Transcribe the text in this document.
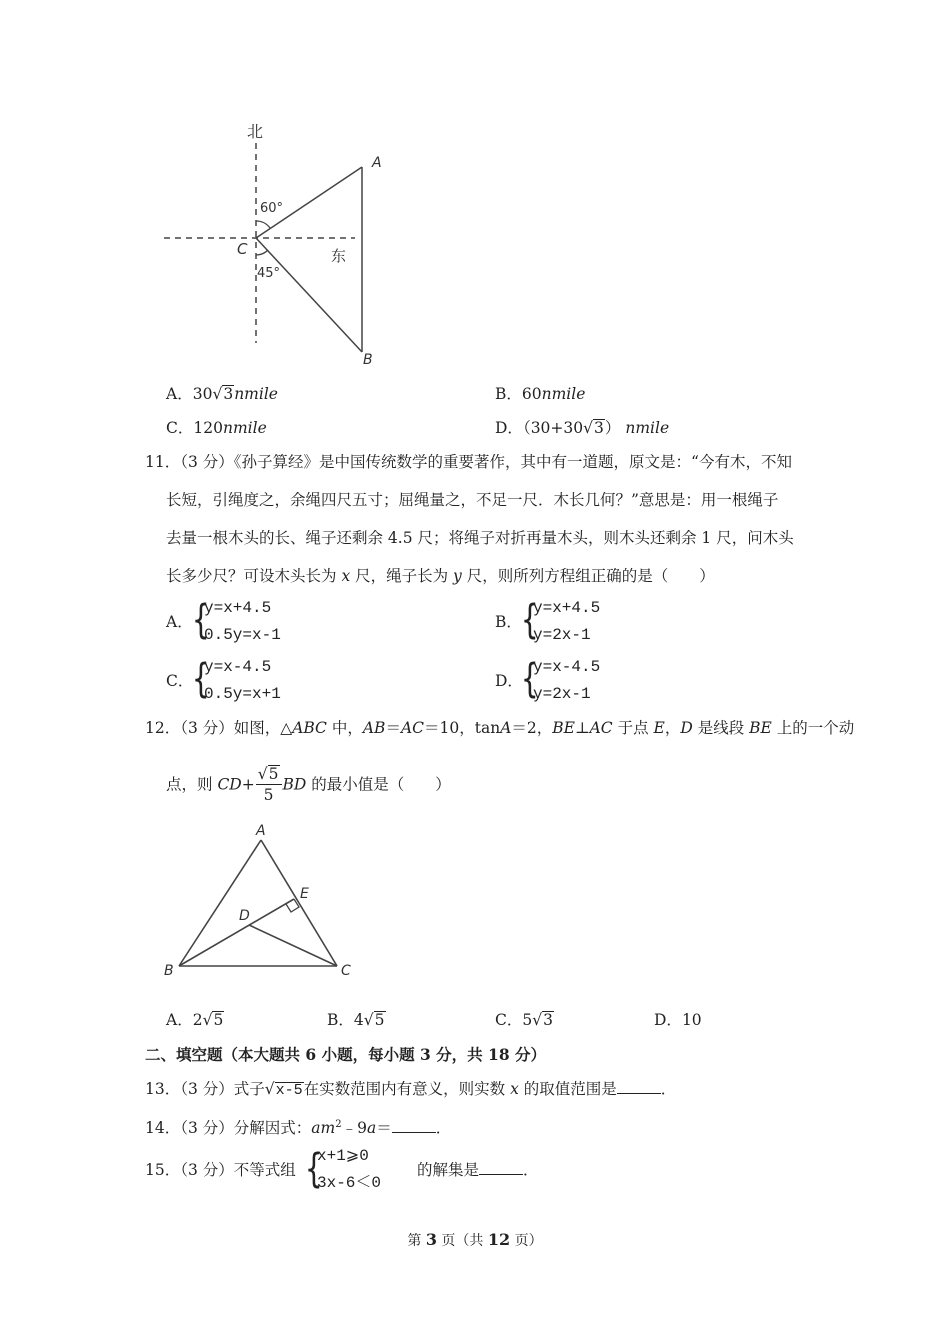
北
东
60°
45°
A
B
C
A．30√3nmile	B．60nmile
C．120nmile	D．（30+30√3） nmile
11．（3 分）《孙子算经》是中国传统数学的重要著作，其中有一道题，原文是：“今有木，不知
长短，引绳度之，余绳四尺五寸；屈绳量之，不足一尺．木长几何？”意思是：用一根绳子
去量一根木头的长、绳子还剩余 4.5 尺；将绳子对折再量木头，则木头还剩余 1 尺，问木头
长多少尺？可设木头长为 x 尺，绳子长为 y 尺，则所列方程组正确的是（　　）
A． {
y=x+4.5
0.5y=x-1
B．
{
y=x+4.5
y=2x-1
C．
{
y=x-4.5
0.5y=x+1
D．
{
y=x-4.5
y=2x-1
12．（3 分）如图，△ABC 中，AB＝AC＝10，tanA＝2，BE⊥AC 于点 E，D 是线段 BE 上的一个动
点，则 $CD+ \frac{√5}{5}$ BD 的最小值是（　　）
A
B	C
D
E
A．2√5	B．4√5	C．5√3	D．10
二、填空题（本大题共 6 小题，每小题 3 分，共 18 分）
13．（3 分）式子√x-5在实数范围内有意义，则实数 x 的取值范围是	．
14．（3 分）分解因式：$am^2﹣9a=$	．
15．（3 分）不等式组 {
x+1⩾0
3x-6＜0
的解集是	．
第 3 页（共 12 页）
